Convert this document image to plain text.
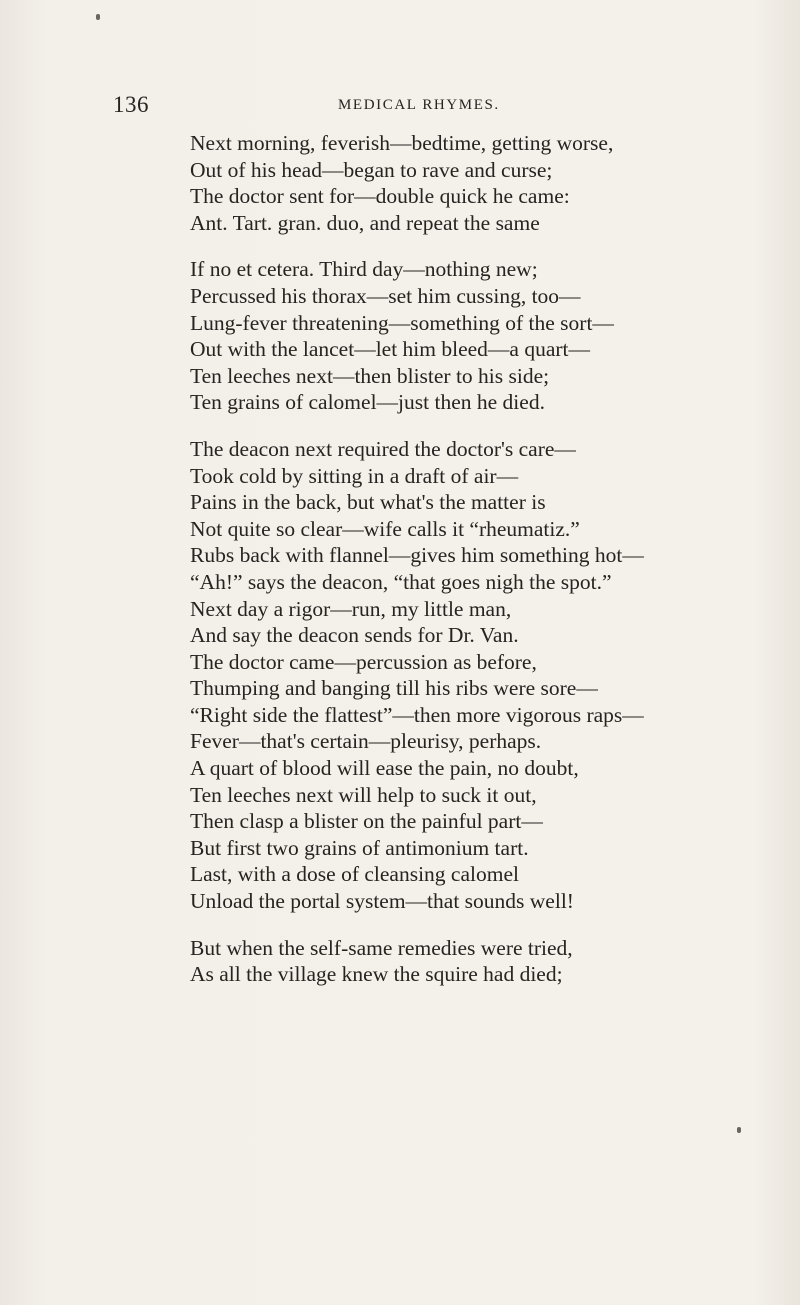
136	MEDICAL RHYMES.
Next morning, feverish—bedtime, getting worse,
Out of his head—began to rave and curse;
The doctor sent for—double quick he came:
Ant. Tart. gran. duo, and repeat the same
If no et cetera. Third day—nothing new;
Percussed his thorax—set him cussing, too—
Lung-fever threatening—something of the sort—
Out with the lancet—let him bleed—a quart—
Ten leeches next—then blister to his side;
Ten grains of calomel—just then he died.
The deacon next required the doctor's care—
Took cold by sitting in a draft of air—
Pains in the back, but what's the matter is
Not quite so clear—wife calls it “rheumatiz.”
Rubs back with flannel—gives him something hot—
“Ah!” says the deacon, “that goes nigh the spot.”
Next day a rigor—run, my little man,
And say the deacon sends for Dr. Van.
The doctor came—percussion as before,
Thumping and banging till his ribs were sore—
“Right side the flattest”—then more vigorous raps—
Fever—that's certain—pleurisy, perhaps.
A quart of blood will ease the pain, no doubt,
Ten leeches next will help to suck it out,
Then clasp a blister on the painful part—
But first two grains of antimonium tart.
Last, with a dose of cleansing calomel
Unload the portal system—that sounds well!
But when the self-same remedies were tried,
As all the village knew the squire had died;
